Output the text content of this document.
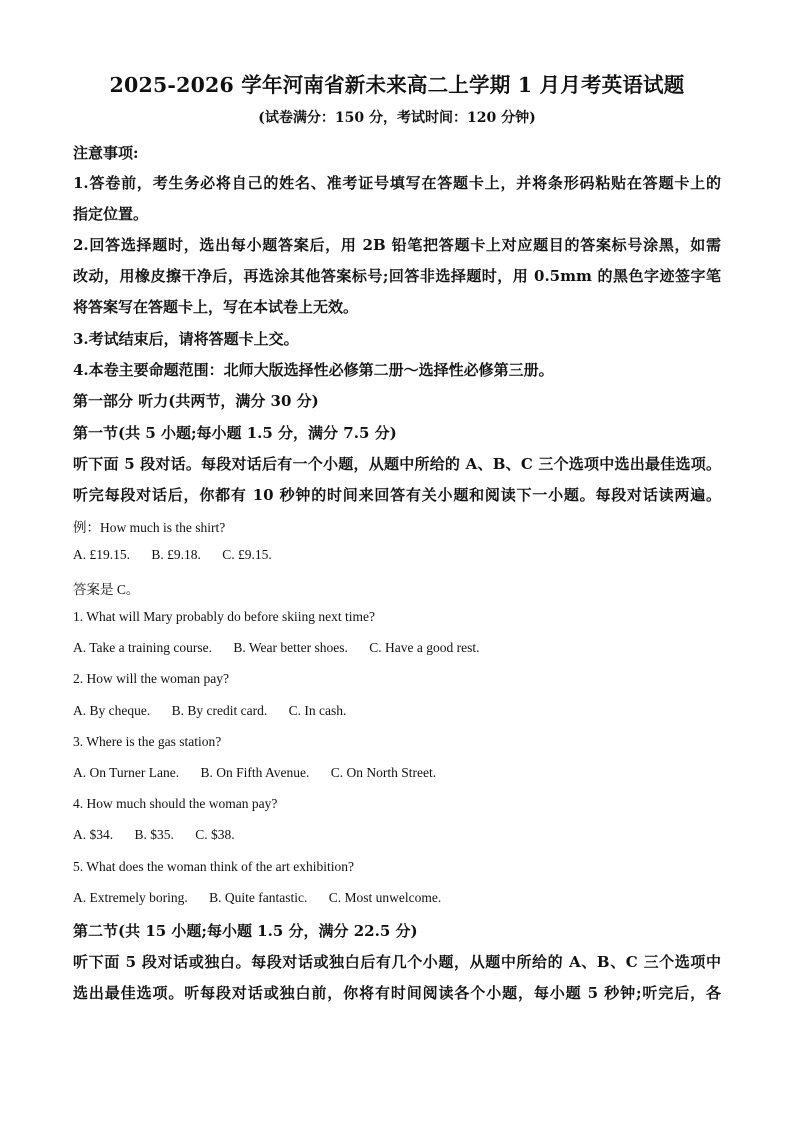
2025-2026 学年河南省新未来高二上学期 1 月月考英语试题
(试卷满分：150 分，考试时间：120 分钟)
注意事项:
1.答卷前，考生务必将自己的姓名、准考证号填写在答题卡上，并将条形码粘贴在答题卡上的
指定位置。
2.回答选择题时，选出每小题答案后，用 2B 铅笔把答题卡上对应题目的答案标号涂黑，如需
改动，用橡皮擦干净后，再选涂其他答案标号;回答非选择题时，用 0.5mm 的黑色字迹签字笔
将答案写在答题卡上，写在本试卷上无效。
3.考试结束后，请将答题卡上交。
4.本卷主要命题范围：北师大版选择性必修第二册～选择性必修第三册。
第一部分 听力(共两节，满分 30 分)
第一节(共 5 小题;每小题 1.5 分，满分 7.5 分)
听下面 5 段对话。每段对话后有一个小题，从题中所给的 A、B、C 三个选项中选出最佳选项。
听完每段对话后，你都有 10 秒钟的时间来回答有关小题和阅读下一小题。每段对话读两遍。
例：How much is the shirt?
A. £19.15. B. £9.18. C. £9.15.
答案是 C。
1. What will Mary probably do before skiing next time?
A. Take a training course. B. Wear better shoes. C. Have a good rest.
2. How will the woman pay?
A. By cheque. B. By credit card. C. In cash.
3. Where is the gas station?
A. On Turner Lane. B. On Fifth Avenue. C. On North Street.
4. How much should the woman pay?
A. $34. B. $35. C. $38.
5. What does the woman think of the art exhibition?
A. Extremely boring. B. Quite fantastic. C. Most unwelcome.
第二节(共 15 小题;每小题 1.5 分，满分 22.5 分)
听下面 5 段对话或独白。每段对话或独白后有几个小题，从题中所给的 A、B、C 三个选项中
选出最佳选项。听每段对话或独白前，你将有时间阅读各个小题，每小题 5 秒钟;听完后，各
